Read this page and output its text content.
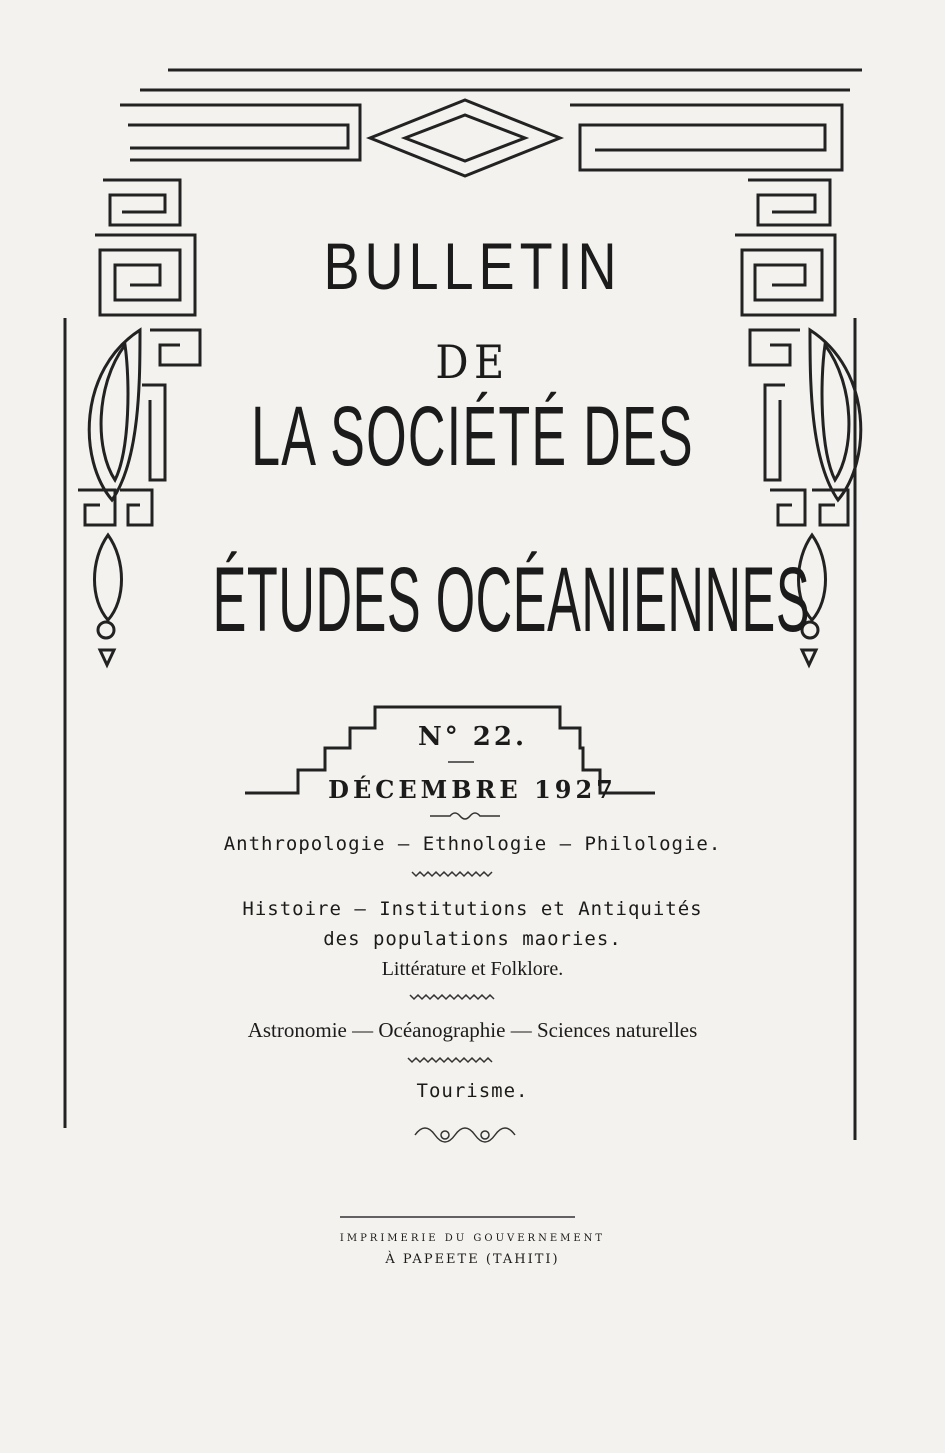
BULLETIN
DE
LA SOCIÉTÉ DES
ÉTUDES OCÉANIENNES
N° 22.
DÉCEMBRE 1927
Anthropologie — Ethnologie — Philologie.
Histoire — Institutions et Antiquités
des populations maories.
Littérature et Folklore.
Astronomie — Océanographie — Sciences naturelles
Tourisme.
IMPRIMERIE DU GOUVERNEMENT
À PAPEETE (TAHITI)
